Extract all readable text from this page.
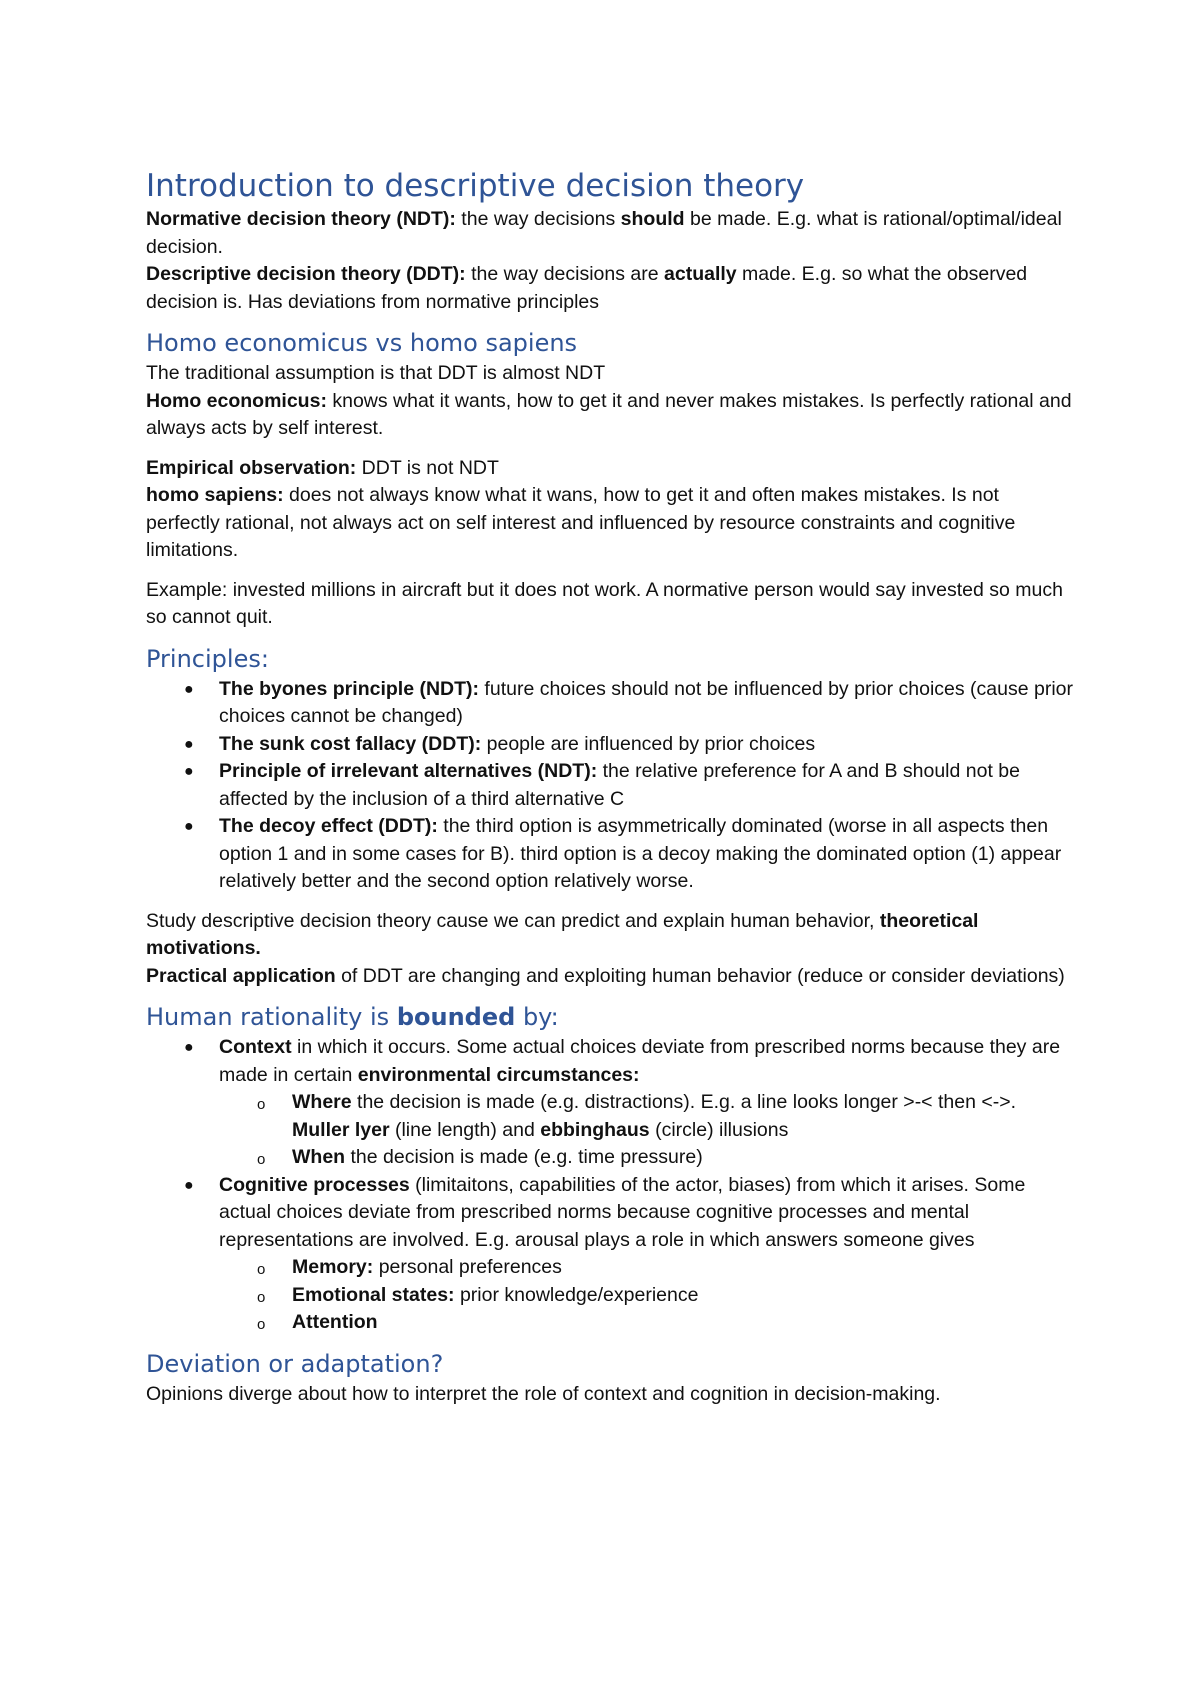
Introduction to descriptive decision theory

Normative decision theory (NDT): the way decisions should be made. E.g. what is rational/optimal/ideal decision.

Descriptive decision theory (DDT): the way decisions are actually made. E.g. so what the observed decision is. Has deviations from normative principles

Homo economicus vs homo sapiens

The traditional assumption is that DDT is almost NDT

Homo economicus: knows what it wants, how to get it and never makes mistakes. Is perfectly rational and always acts by self interest.

Empirical observation: DDT is not NDT

homo sapiens: does not always know what it wans, how to get it and often makes mistakes. Is not perfectly rational, not always act on self interest and influenced by resource constraints and cognitive limitations.

Example: invested millions in aircraft but it does not work. A normative person would say invested so much so cannot quit.

Principles:
● The byones principle (NDT): future choices should not be influenced by prior choices (cause prior choices cannot be changed)
● The sunk cost fallacy (DDT): people are influenced by prior choices
● Principle of irrelevant alternatives (NDT): the relative preference for A and B should not be affected by the inclusion of a third alternative C
● The decoy effect (DDT): the third option is asymmetrically dominated (worse in all aspects then option 1 and in some cases for B). third option is a decoy making the dominated option (1) appear relatively better and the second option relatively worse.

Study descriptive decision theory cause we can predict and explain human behavior, theoretical motivations.

Practical application of DDT are changing and exploiting human behavior (reduce or consider deviations)

Human rationality is bounded by:
● Context in which it occurs. Some actual choices deviate from prescribed norms because they are made in certain environmental circumstances:
o Where the decision is made (e.g. distractions). E.g. a line looks longer >-< then <->. Muller lyer (line length) and ebbinghaus (circle) illusions
o When the decision is made (e.g. time pressure)
● Cognitive processes (limitaitons, capabilities of the actor, biases) from which it arises. Some actual choices deviate from prescribed norms because cognitive processes and mental representations are involved. E.g. arousal plays a role in which answers someone gives
o Memory: personal preferences
o Emotional states: prior knowledge/experience
o Attention
Deviation or adaptation?

Opinions diverge about how to interpret the role of context and cognition in decision-making.
